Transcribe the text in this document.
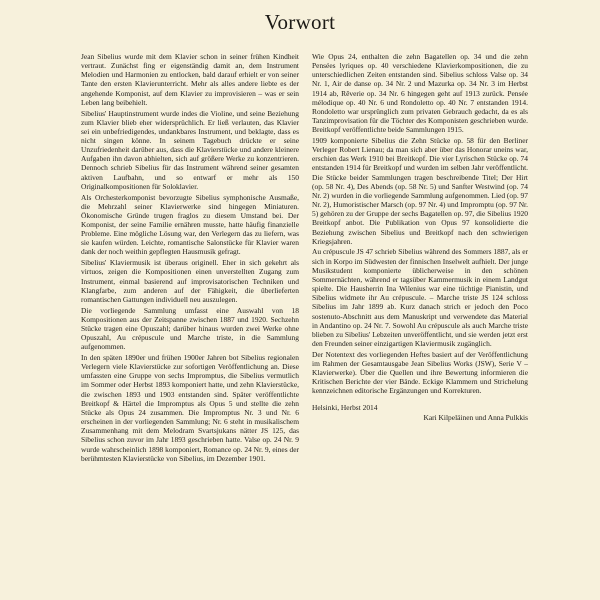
Vorwort

Jean Sibelius wurde mit dem Klavier schon in seiner frühen Kindheit vertraut. Zunächst fing er eigenständig damit an, dem Instrument Melodien und Harmonien zu entlocken, bald darauf erhielt er von seiner Tante den ersten Klavierunterricht. Mehr als alles andere liebte es der angehende Komponist, auf dem Klavier zu improvisieren – was er sein Leben lang beibehielt.

Sibelius' Hauptinstrument wurde indes die Violine, und seine Beziehung zum Klavier blieb eher widersprüchlich. Er ließ verlauten, das Klavier sei ein unbefriedigendes, undankbares Instrument, und beklagte, dass es nicht singen könne. In seinem Tagebuch drückte er seine Unzufriedenheit darüber aus, dass die Klavierstücke und andere kleinere Aufgaben ihn davon abhielten, sich auf größere Werke zu konzentrieren. Dennoch schrieb Sibelius für das Instrument während seiner gesamten aktiven Laufbahn, und so entwarf er mehr als 150 Originalkompositionen für Soloklavier.

Als Orchesterkomponist bevorzugte Sibelius symphonische Ausmaße, die Mehrzahl seiner Klavierwerke sind hingegen Miniaturen. Ökonomische Gründe trugen fraglos zu diesem Umstand bei. Der Komponist, der seine Familie ernähren musste, hatte häufig finanzielle Probleme. Eine mögliche Lösung war, den Verlegern das zu liefern, was sie kaufen würden. Leichte, romantische Salonstücke für Klavier waren dank der noch weithin gepflegten Hausmusik gefragt.

Sibelius' Klaviermusik ist überaus originell. Eher in sich gekehrt als virtuos, zeigen die Kompositionen einen unverstellten Zugang zum Instrument, einmal basierend auf improvisatorischen Techniken und Klangfarbe, zum anderen auf der Fähigkeit, die überlieferten romantischen Gattungen individuell neu auszulegen.

Die vorliegende Sammlung umfasst eine Auswahl von 18 Kompositionen aus der Zeitspanne zwischen 1887 und 1920. Sechzehn Stücke tragen eine Opuszahl; darüber hinaus wurden zwei Werke ohne Opuszahl, Au crépuscule und Marche triste, in die Sammlung aufgenommen.

In den späten 1890er und frühen 1900er Jahren bot Sibelius regionalen Verlegern viele Klavierstücke zur sofortigen Veröffentlichung an. Diese umfassten eine Gruppe von sechs Impromptus, die Sibelius vermutlich im Sommer oder Herbst 1893 komponiert hatte, und zehn Klavierstücke, die zwischen 1893 und 1903 entstanden sind. Später veröffentlichte Breitkopf & Härtel die Impromptus als Opus 5 und stellte die zehn Stücke als Opus 24 zusammen. Die Impromptus Nr. 3 und Nr. 6 erscheinen in der vorliegenden Sammlung; Nr. 6 steht in musikalischem Zusammenhang mit dem Melodram Svartsjukans nätter JS 125, das Sibelius schon zuvor im Jahr 1893 geschrieben hatte. Valse op. 24 Nr. 9 wurde wahrscheinlich 1898 komponiert, Romance op. 24 Nr. 9, eines der berühmtesten Klavierstücke von Sibelius, im Dezember 1901.

Wie Opus 24, enthalten die zehn Bagatellen op. 34 und die zehn Pensées lyriques op. 40 verschiedene Klavierkompositionen, die zu unterschiedlichen Zeiten entstanden sind. Sibelius schloss Valse op. 34 Nr. 1, Air de danse op. 34 Nr. 2 und Mazurka op. 34 Nr. 3 im Herbst 1914 ab, Rêverie op. 34 Nr. 6 hingegen geht auf 1913 zurück. Pensée mélodique op. 40 Nr. 6 und Rondoletto op. 40 Nr. 7 entstanden 1914. Rondoletto war ursprünglich zum privaten Gebrauch gedacht, da es als Tanzimprovisation für die Töchter des Komponisten geschrieben wurde. Breitkopf veröffentlichte beide Sammlungen 1915.

1909 komponierte Sibelius die Zehn Stücke op. 58 für den Berliner Verleger Robert Lienau; da man sich aber über das Honorar uneins war, erschien das Werk 1910 bei Breitkopf. Die vier Lyrischen Stücke op. 74 entstanden 1914 für Breitkopf und wurden im selben Jahr veröffentlicht. Die Stücke beider Sammlungen tragen beschreibende Titel; Der Hirt (op. 58 Nr. 4), Des Abends (op. 58 Nr. 5) und Sanfter Westwind (op. 74 Nr. 2) wurden in die vorliegende Sammlung aufgenommen. Lied (op. 97 Nr. 2), Humoristischer Marsch (op. 97 Nr. 4) und Impromptu (op. 97 Nr. 5) gehören zu der Gruppe der sechs Bagatellen op. 97, die Sibelius 1920 Breitkopf anbot. Die Publikation von Opus 97 konsolidierte die Beziehung zwischen Sibelius und Breitkopf nach den schwierigen Kriegsjahren.

Au crépuscule JS 47 schrieb Sibelius während des Sommers 1887, als er sich in Korpo im Südwesten der finnischen Inselwelt aufhielt. Der junge Musikstudent komponierte üblicherweise in den schönen Sommernächten, während er tagsüber Kammermusik in einem Landgut spielte. Die Hausherrin Ina Wilenius war eine tüchtige Pianistin, und Sibelius widmete ihr Au crépuscule. – Marche triste JS 124 schloss Sibelius im Jahr 1899 ab. Kurz danach strich er jedoch den Poco sostenuto-Abschnitt aus dem Manuskript und verwendete das Material in Andantino op. 24 Nr. 7. Sowohl Au crépuscule als auch Marche triste blieben zu Sibelius' Lebzeiten unveröffentlicht, und sie werden jetzt erst den Freunden seiner einzigartigen Klaviermusik zugänglich.

Der Notentext des vorliegenden Heftes basiert auf der Veröffentlichung im Rahmen der Gesamtausgabe Jean Sibelius Works (JSW), Serie V – Klavierwerke). Über die Quellen und ihre Bewertung informieren die Kritischen Berichte der vier Bände. Eckige Klammern und Strichelung kennzeichnen editorische Ergänzungen und Korrekturen.

Helsinki, Herbst 2014

Kari Kilpeläinen und Anna Pulkkis
